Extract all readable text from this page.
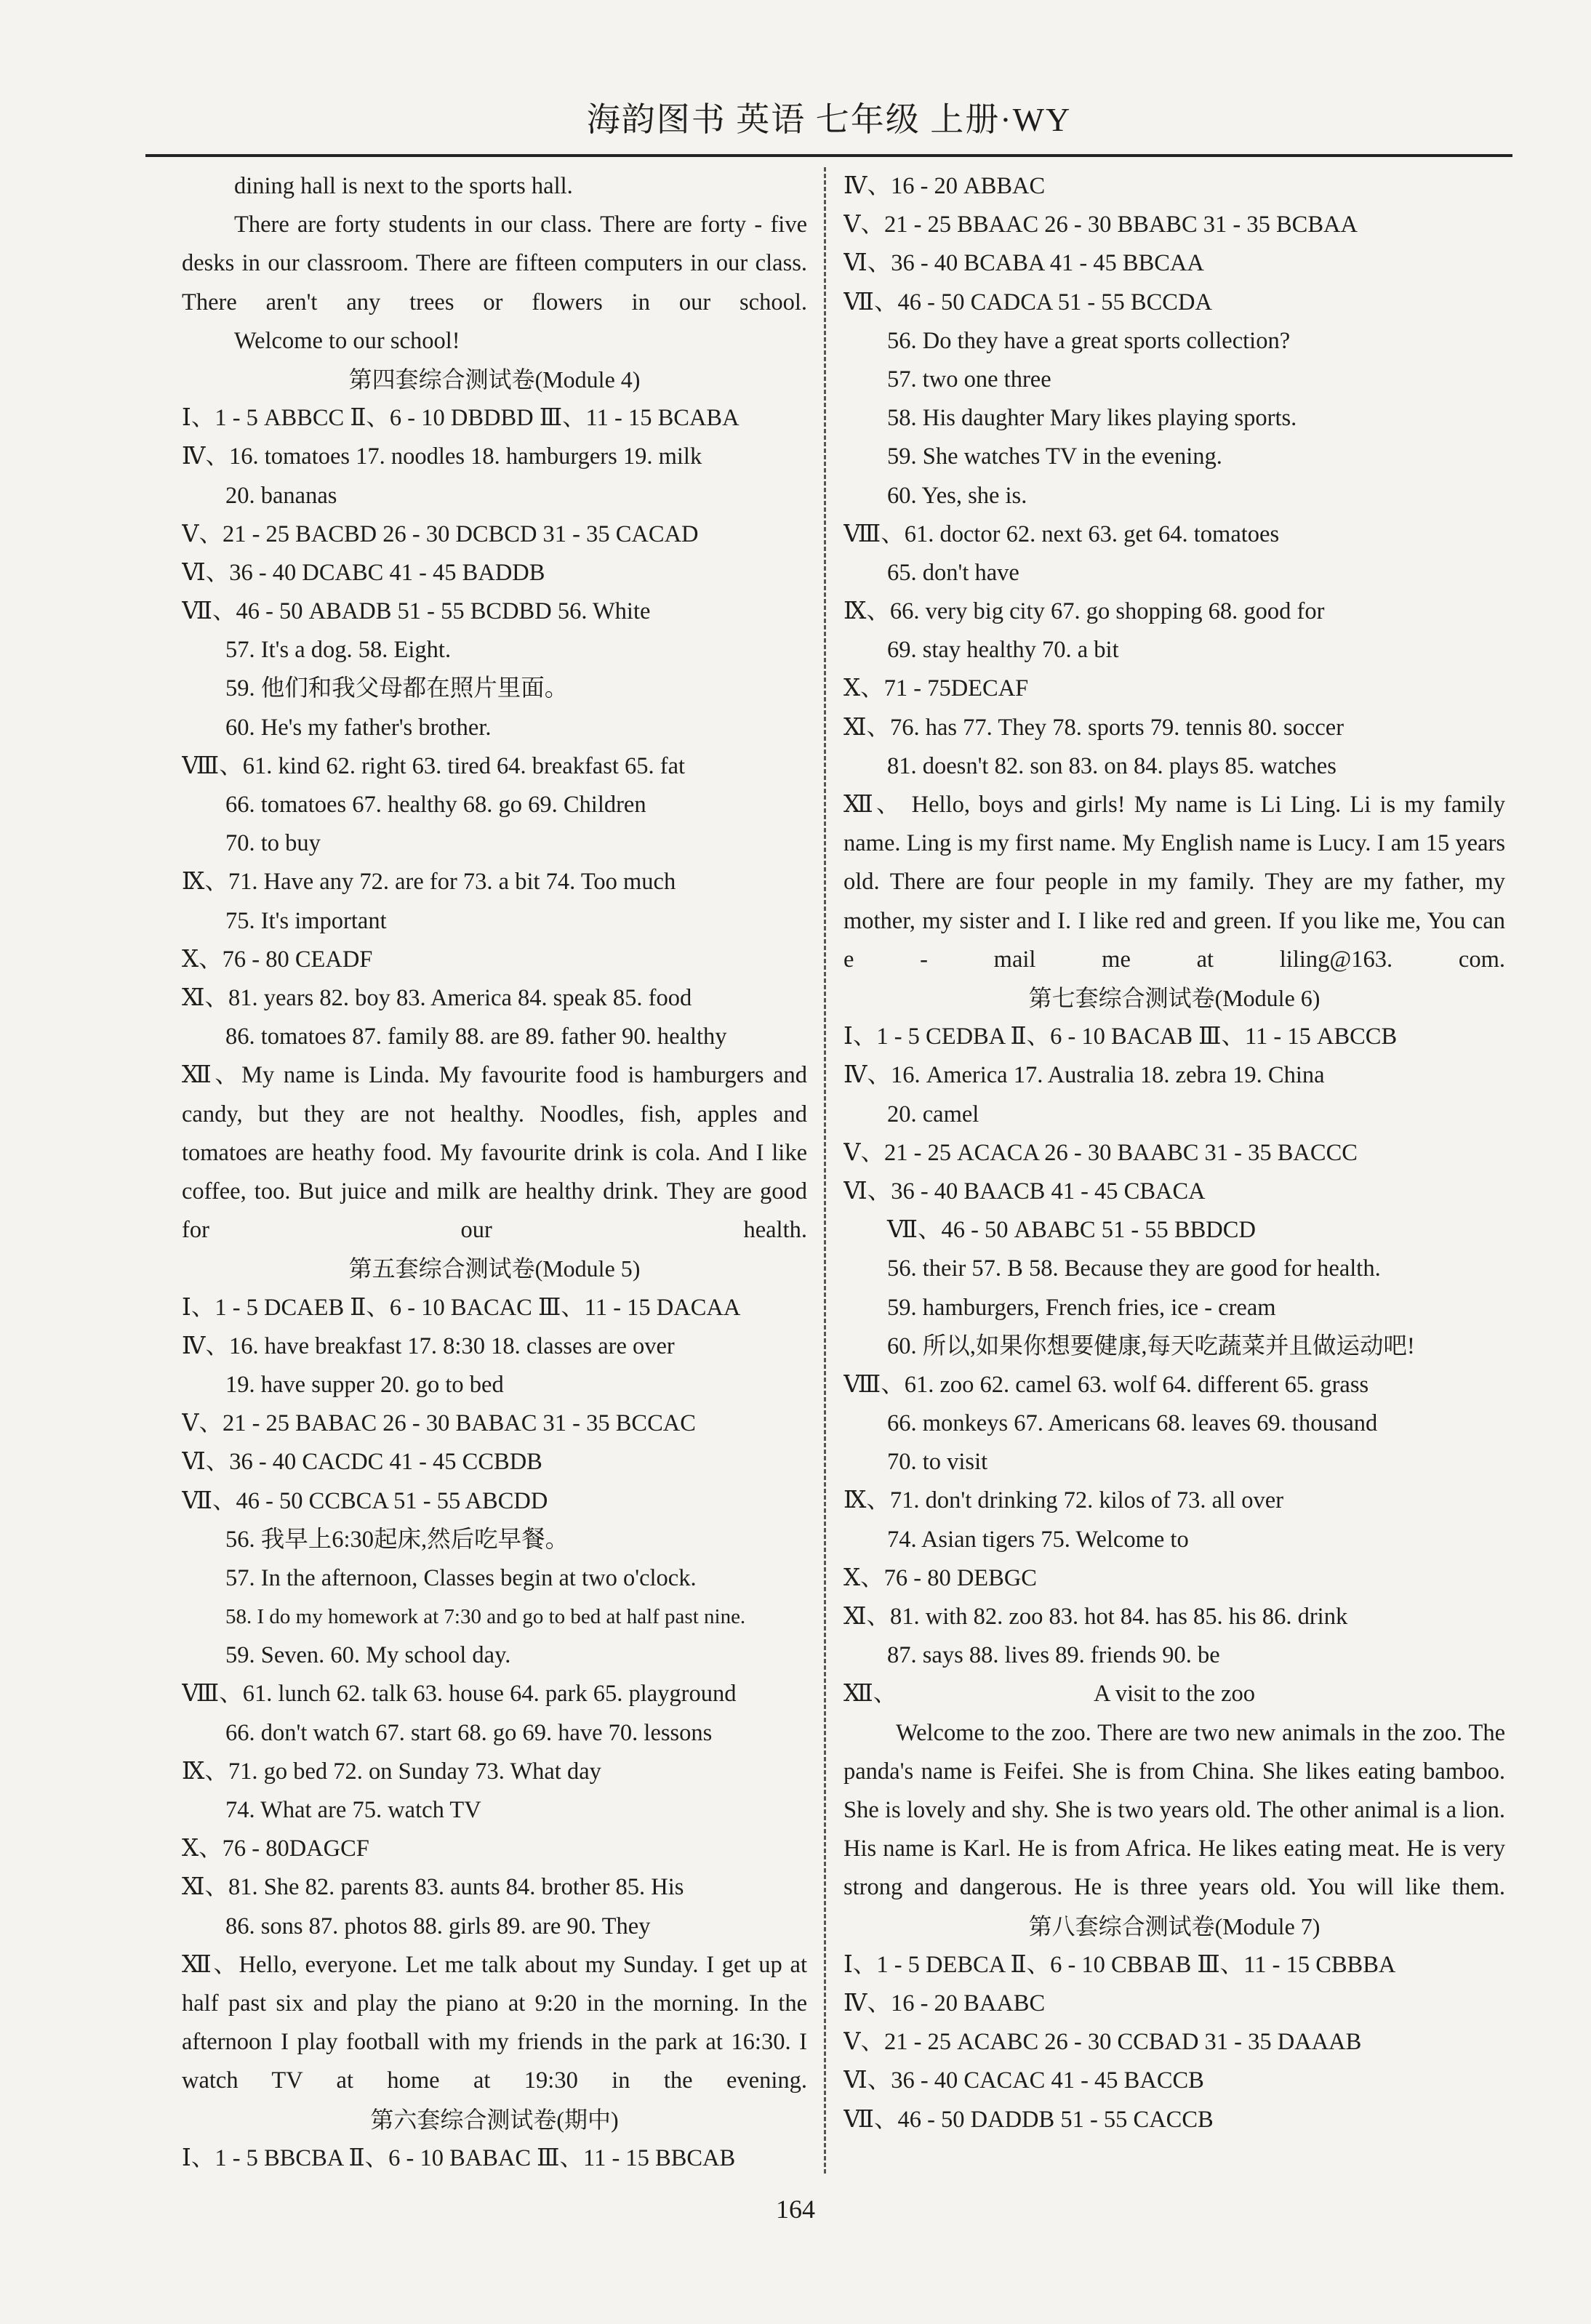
海韵图书 英语 七年级 上册·WY
dining hall is next to the sports hall.
There are forty students in our class. There are forty - five desks in our classroom. There are fifteen computers in our class. There aren't any trees or flowers in our school.
Welcome to our school!
第四套综合测试卷(Module 4)
Ⅰ、1 - 5 ABBCC Ⅱ、6 - 10 DBDBD Ⅲ、11 - 15 BCABA
Ⅳ、16. tomatoes 17. noodles 18. hamburgers 19. milk
20. bananas
Ⅴ、21 - 25 BACBD 26 - 30 DCBCD 31 - 35 CACAD
Ⅵ、36 - 40 DCABC 41 - 45 BADDB
Ⅶ、46 - 50 ABADB 51 - 55 BCDBD 56. White
57. It's a dog. 58. Eight.
59. 他们和我父母都在照片里面。
60. He's my father's brother.
Ⅷ、61. kind 62. right 63. tired 64. breakfast 65. fat
66. tomatoes 67. healthy 68. go 69. Children
70. to buy
Ⅸ、71. Have any 72. are for 73. a bit 74. Too much
75. It's important
Ⅹ、76 - 80 CEADF
Ⅺ、81. years 82. boy 83. America 84. speak 85. food
86. tomatoes 87. family 88. are 89. father 90. healthy
Ⅻ、My name is Linda. My favourite food is hamburgers and candy, but they are not healthy. Noodles, fish, apples and tomatoes are heathy food. My favourite drink is cola. And I like coffee, too. But juice and milk are healthy drink. They are good for our health.
第五套综合测试卷(Module 5)
Ⅰ、1 - 5 DCAEB Ⅱ、6 - 10 BACAC Ⅲ、11 - 15 DACAA
Ⅳ、16. have breakfast 17. 8:30 18. classes are over
19. have supper 20. go to bed
Ⅴ、21 - 25 BABAC 26 - 30 BABAC 31 - 35 BCCAC
Ⅵ、36 - 40 CACDC 41 - 45 CCBDB
Ⅶ、46 - 50 CCBCA 51 - 55 ABCDD
56. 我早上6:30起床,然后吃早餐。
57. In the afternoon, Classes begin at two o'clock.
58. I do my homework at 7:30 and go to bed at half past nine.
59. Seven. 60. My school day.
Ⅷ、61. lunch 62. talk 63. house 64. park 65. playground
66. don't watch 67. start 68. go 69. have 70. lessons
Ⅸ、71. go bed 72. on Sunday 73. What day
74. What are 75. watch TV
Ⅹ、76 - 80DAGCF
Ⅺ、81. She 82. parents 83. aunts 84. brother 85. His
86. sons 87. photos 88. girls 89. are 90. They
Ⅻ、Hello, everyone. Let me talk about my Sunday. I get up at half past six and play the piano at 9:20 in the morning. In the afternoon I play football with my friends in the park at 16:30. I watch TV at home at 19:30 in the evening.
第六套综合测试卷(期中)
Ⅰ、1 - 5 BBCBA Ⅱ、6 - 10 BABAC Ⅲ、11 - 15 BBCAB
Ⅳ、16 - 20 ABBAC
Ⅴ、21 - 25 BBAAC 26 - 30 BBABC 31 - 35 BCBAA
Ⅵ、36 - 40 BCABA 41 - 45 BBCAA
Ⅶ、46 - 50 CADCA 51 - 55 BCCDA
56. Do they have a great sports collection?
57. two one three
58. His daughter Mary likes playing sports.
59. She watches TV in the evening.
60. Yes, she is.
Ⅷ、61. doctor 62. next 63. get 64. tomatoes
65. don't have
Ⅸ、66. very big city 67. go shopping 68. good for
69. stay healthy 70. a bit
Ⅹ、71 - 75DECAF
Ⅺ、76. has 77. They 78. sports 79. tennis 80. soccer
81. doesn't 82. son 83. on 84. plays 85. watches
Ⅻ、 Hello, boys and girls! My name is Li Ling. Li is my family name. Ling is my first name. My English name is Lucy. I am 15 years old. There are four people in my family. They are my father, my mother, my sister and I. I like red and green. If you like me, You can e - mail me at liling@163. com.
第七套综合测试卷(Module 6)
Ⅰ、1 - 5 CEDBA Ⅱ、6 - 10 BACAB Ⅲ、11 - 15 ABCCB
Ⅳ、16. America 17. Australia 18. zebra 19. China
20. camel
Ⅴ、21 - 25 ACACA 26 - 30 BAABC 31 - 35 BACCC
Ⅵ、36 - 40 BAACB 41 - 45 CBACA
Ⅶ、46 - 50 ABABC 51 - 55 BBDCD
56. their 57. B 58. Because they are good for health.
59. hamburgers, French fries, ice - cream
60. 所以,如果你想要健康,每天吃蔬菜并且做运动吧!
Ⅷ、61. zoo 62. camel 63. wolf 64. different 65. grass
66. monkeys 67. Americans 68. leaves 69. thousand
70. to visit
Ⅸ、71. don't drinking 72. kilos of 73. all over
74. Asian tigers 75. Welcome to
Ⅹ、76 - 80 DEBGC
Ⅺ、81. with 82. zoo 83. hot 84. has 85. his 86. drink
87. says 88. lives 89. friends 90. be
Ⅻ、	A visit to the zoo
Welcome to the zoo. There are two new animals in the zoo. The panda's name is Feifei. She is from China. She likes eating bamboo. She is lovely and shy. She is two years old. The other animal is a lion. His name is Karl. He is from Africa. He likes eating meat. He is very strong and dangerous. He is three years old. You will like them.
第八套综合测试卷(Module 7)
Ⅰ、1 - 5 DEBCA Ⅱ、6 - 10 CBBAB Ⅲ、11 - 15 CBBBA
Ⅳ、16 - 20 BAABC
Ⅴ、21 - 25 ACABC 26 - 30 CCBAD 31 - 35 DAAAB
Ⅵ、36 - 40 CACAC 41 - 45 BACCB
Ⅶ、46 - 50 DADDB 51 - 55 CACCB
164
